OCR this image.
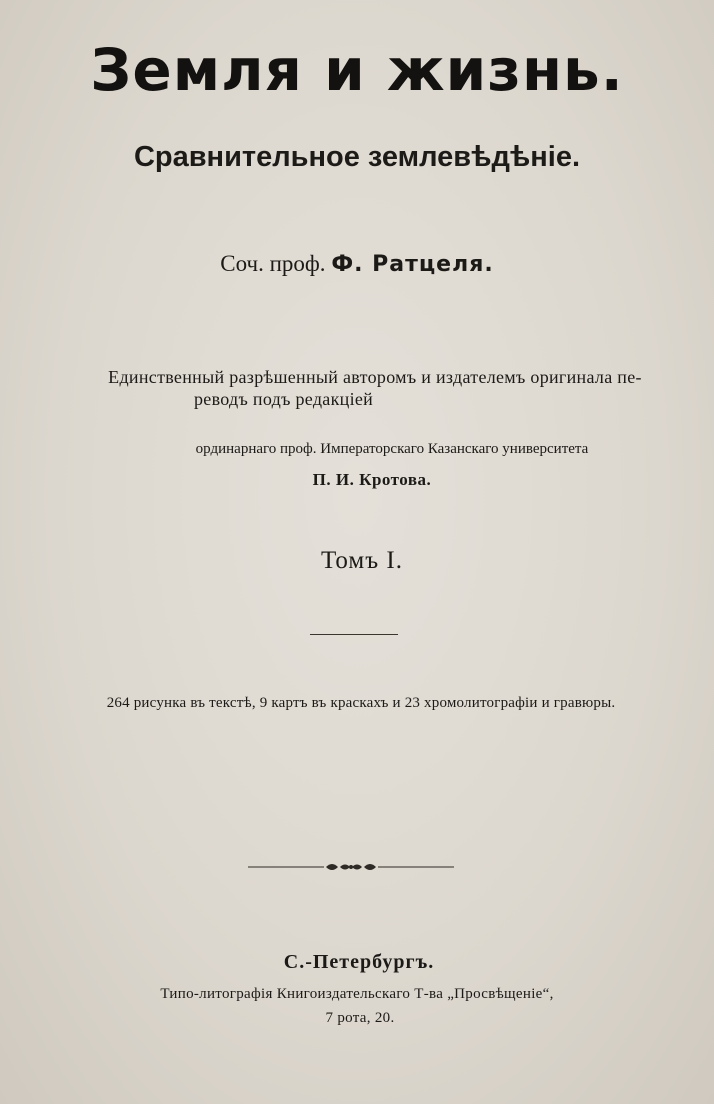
Земля и жизнь.
Сравнительное землевѣдѣніе.
Соч. проф. Ф. Ратцеля.
Единственный разрѣшенный авторомъ и издателемъ оригинала пе-
реводъ подъ редакціей
ординарнаго проф. Императорскаго Казанскаго университета
П. И. Кротова.
Томъ I.
264 рисунка въ текстѣ, 9 картъ въ краскахъ и 23 хромолитографіи и гравюры.
С.-Петербургъ.
Типо-литографія Книгоиздательскаго Т-ва „Просвѣщеніе“,
7 рота, 20.
